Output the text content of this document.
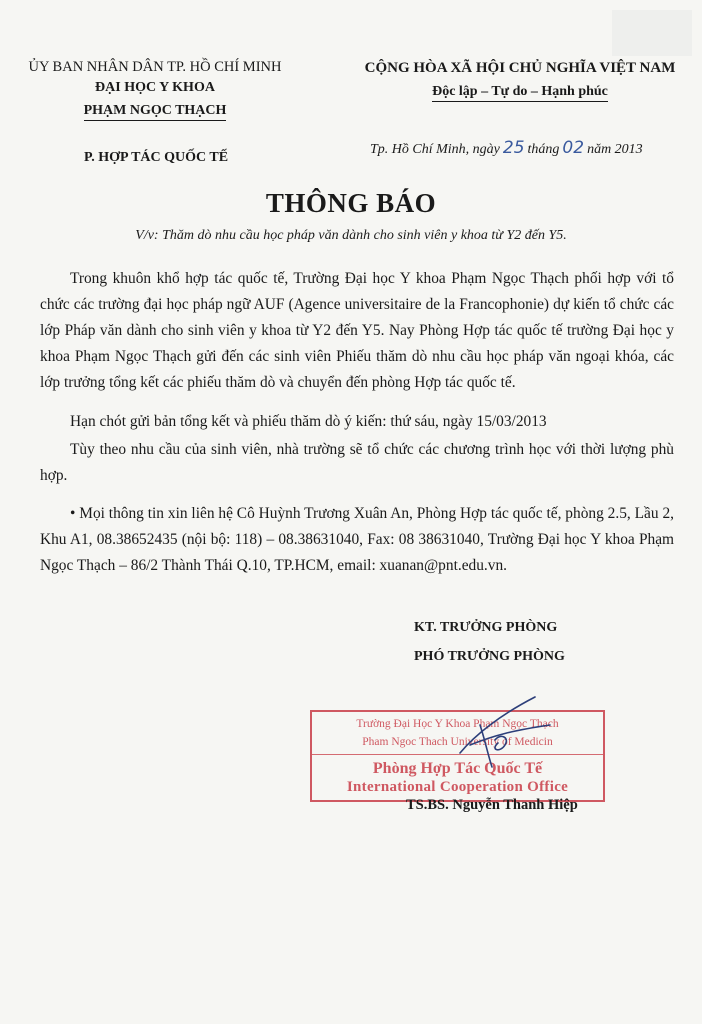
ỦY BAN NHÂN DÂN TP. HỒ CHÍ MINH
ĐẠI HỌC Y KHOA
PHẠM NGỌC THẠCH
CỘNG HÒA XÃ HỘI CHỦ NGHĨA VIỆT NAM
Độc lập – Tự do – Hạnh phúc
P. HỢP TÁC QUỐC TẾ
Tp. Hồ Chí Minh, ngày 25 tháng 02 năm 2013
THÔNG BÁO
V/v: Thăm dò nhu cầu học pháp văn dành cho sinh viên y khoa từ Y2 đến Y5.
Trong khuôn khổ hợp tác quốc tế, Trường Đại học Y khoa Phạm Ngọc Thạch phối hợp với tổ chức các trường đại học pháp ngữ AUF (Agence universitaire de la Francophonie) dự kiến tổ chức các lớp Pháp văn dành cho sinh viên y khoa từ Y2 đến Y5. Nay Phòng Hợp tác quốc tế trường Đại học y khoa Phạm Ngọc Thạch gửi đến các sinh viên Phiếu thăm dò nhu cầu học pháp văn ngoại khóa, các lớp trưởng tổng kết các phiếu thăm dò và chuyển đến phòng Hợp tác quốc tế.
Hạn chót gửi bản tổng kết và phiếu thăm dò ý kiến: thứ sáu, ngày 15/03/2013
Tùy theo nhu cầu của sinh viên, nhà trường sẽ tổ chức các chương trình học với thời lượng phù hợp.
• Mọi thông tin xin liên hệ Cô Huỳnh Trương Xuân An, Phòng Hợp tác quốc tế, phòng 2.5, Lầu 2, Khu A1, 08.38652435 (nội bộ: 118) – 08.38631040, Fax: 08 38631040, Trường Đại học Y khoa Phạm Ngọc Thạch – 86/2 Thành Thái Q.10, TP.HCM, email: xuanan@pnt.edu.vn.
KT. TRƯỞNG PHÒNG
PHÓ TRƯỞNG PHÒNG
Trường Đại Học Y Khoa Phạm Ngọc Thạch
Pham Ngoc Thach University of Medicin
Phòng Hợp Tác Quốc Tế
International Cooperation Office
TS.BS. Nguyễn Thanh Hiệp
